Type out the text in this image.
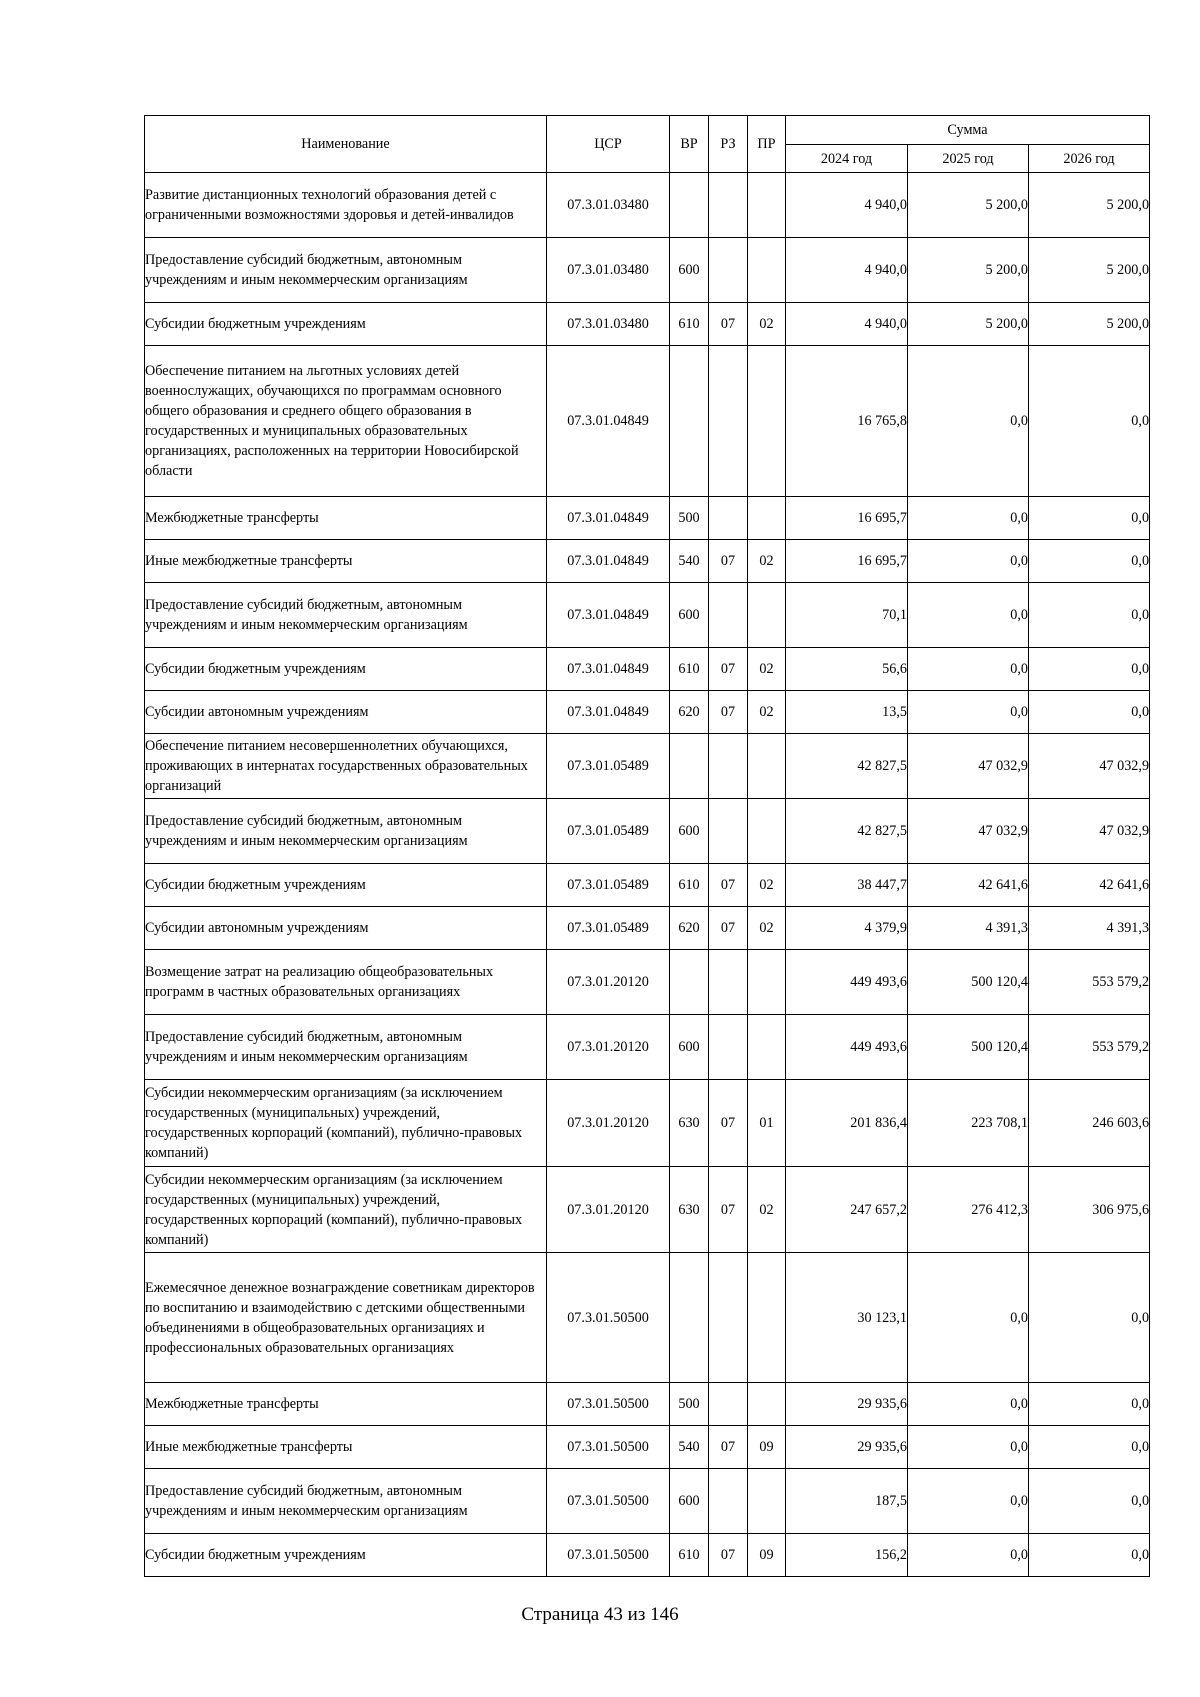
Наименование	ЦСР	ВР	РЗ	ПР	Сумма		
					2024 год	2025 год	2026 год
Развитие дистанционных технологий образования детей с ограниченными возможностями здоровья и детей-инвалидов	07.3.01.03480				4 940,0	5 200,0	5 200,0
Предоставление субсидий бюджетным, автономным учреждениям и иным некоммерческим организациям	07.3.01.03480	600			4 940,0	5 200,0	5 200,0
Субсидии бюджетным учреждениям	07.3.01.03480	610	07	02	4 940,0	5 200,0	5 200,0
Обеспечение питанием на льготных условиях детей военнослужащих, обучающихся по программам основного общего образования и среднего общего образования в государственных и муниципальных образовательных организациях, расположенных на территории Новосибирской области	07.3.01.04849				16 765,8	0,0	0,0
Межбюджетные трансферты	07.3.01.04849	500			16 695,7	0,0	0,0
Иные межбюджетные трансферты	07.3.01.04849	540	07	02	16 695,7	0,0	0,0
Предоставление субсидий бюджетным, автономным учреждениям и иным некоммерческим организациям	07.3.01.04849	600			70,1	0,0	0,0
Субсидии бюджетным учреждениям	07.3.01.04849	610	07	02	56,6	0,0	0,0
Субсидии автономным учреждениям	07.3.01.04849	620	07	02	13,5	0,0	0,0
Обеспечение питанием несовершеннолетних обучающихся, проживающих в интернатах государственных образовательных организаций	07.3.01.05489				42 827,5	47 032,9	47 032,9
Предоставление субсидий бюджетным, автономным учреждениям и иным некоммерческим организациям	07.3.01.05489	600			42 827,5	47 032,9	47 032,9
Субсидии бюджетным учреждениям	07.3.01.05489	610	07	02	38 447,7	42 641,6	42 641,6
Субсидии автономным учреждениям	07.3.01.05489	620	07	02	4 379,9	4 391,3	4 391,3
Возмещение затрат на реализацию общеобразовательных программ в частных образовательных организациях	07.3.01.20120				449 493,6	500 120,4	553 579,2
Предоставление субсидий бюджетным, автономным учреждениям и иным некоммерческим организациям	07.3.01.20120	600			449 493,6	500 120,4	553 579,2
Субсидии некоммерческим организациям (за исключением государственных (муниципальных) учреждений, государственных корпораций (компаний), публично-правовых компаний)	07.3.01.20120	630	07	01	201 836,4	223 708,1	246 603,6
Субсидии некоммерческим организациям (за исключением государственных (муниципальных) учреждений, государственных корпораций (компаний), публично-правовых компаний)	07.3.01.20120	630	07	02	247 657,2	276 412,3	306 975,6
Ежемесячное денежное вознаграждение советникам директоров по воспитанию и взаимодействию с детскими общественными объединениями в общеобразовательных организациях и профессиональных образовательных организациях	07.3.01.50500				30 123,1	0,0	0,0
Межбюджетные трансферты	07.3.01.50500	500			29 935,6	0,0	0,0
Иные межбюджетные трансферты	07.3.01.50500	540	07	09	29 935,6	0,0	0,0
Предоставление субсидий бюджетным, автономным учреждениям и иным некоммерческим организациям	07.3.01.50500	600			187,5	0,0	0,0
Субсидии бюджетным учреждениям	07.3.01.50500	610	07	09	156,2	0,0	0,0
Страница 43 из 146
